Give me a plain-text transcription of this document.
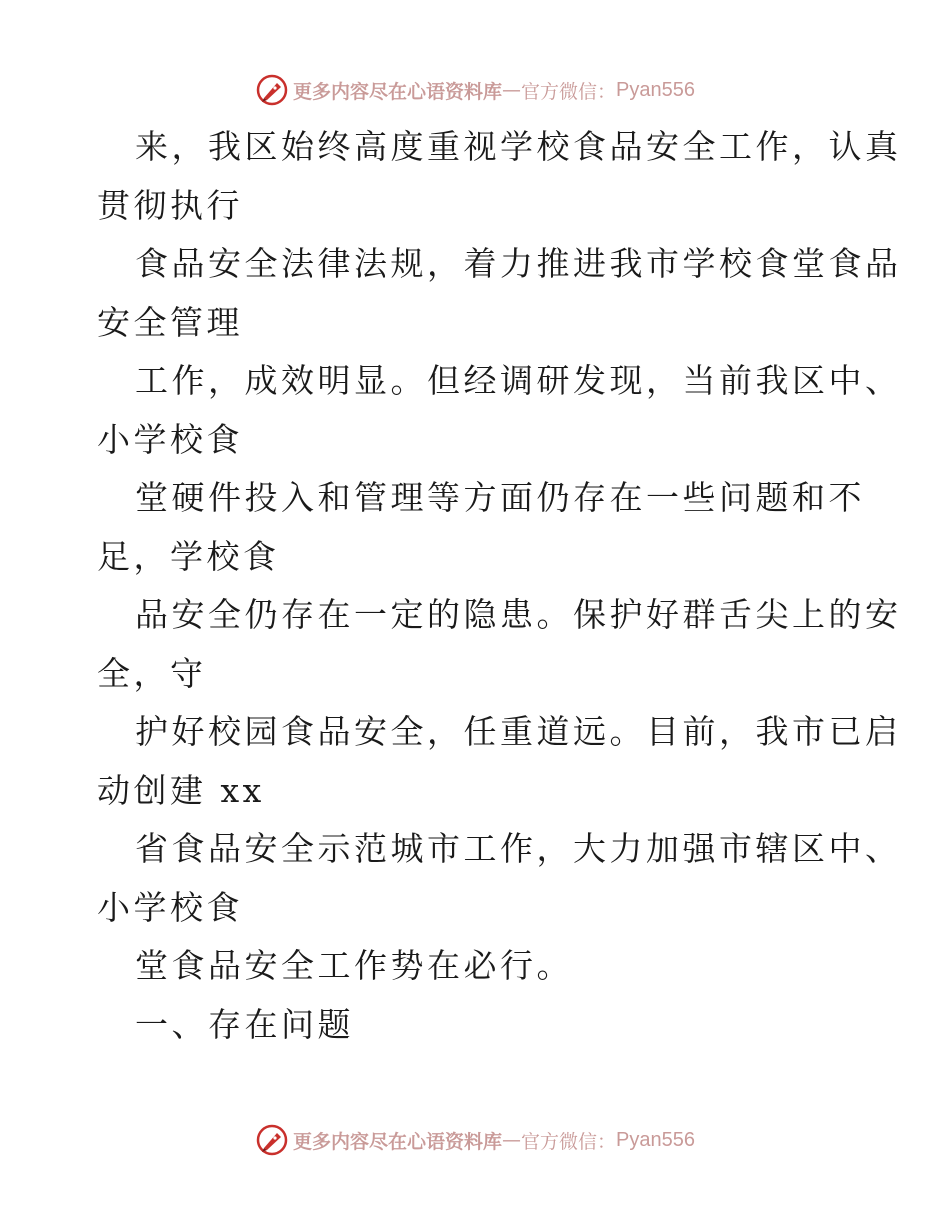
更多内容尽在心语资料库 — 官方微信： Pyan556
来，我区始终高度重视学校食品安全工作，认真
贯彻执行
食品安全法律法规，着力推进我市学校食堂食品
安全管理
工作，成效明显。但经调研发现，当前我区中、
小学校食
堂硬件投入和管理等方面仍存在一些问题和不
足，学校食
品安全仍存在一定的隐患。保护好群舌尖上的安
全，守
护好校园食品安全，任重道远。目前，我市已启
动创建 xx
省食品安全示范城市工作，大力加强市辖区中、
小学校食
堂食品安全工作势在必行。
一、存在问题
更多内容尽在心语资料库 — 官方微信： Pyan556
